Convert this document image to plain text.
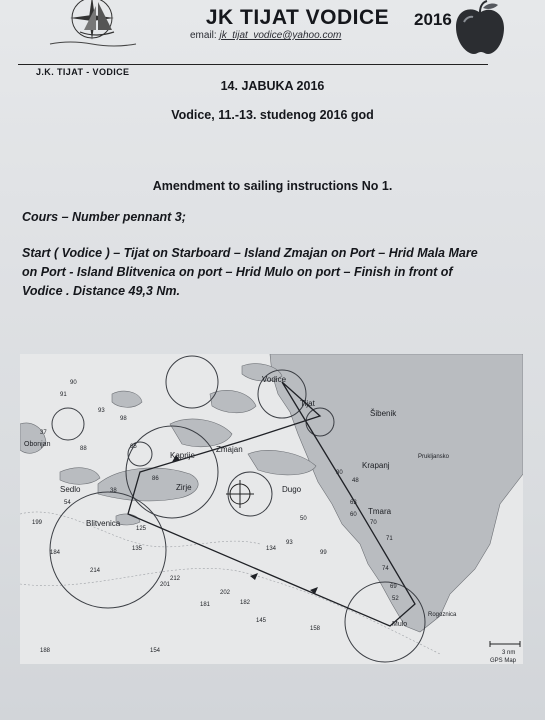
JK TIJAT VODICE	2016
email: jk_tijat_vodice@yahoo.com
J.K. TIJAT - VODICE
14. JABUKA 2016
Vodice, 11.-13. studenog 2016 god
Amendment to sailing instructions No 1.
Cours – Number pennant 3;
Start ( Vodice ) – Tijat on Starboard – Island Zmajan on Port – Hrid Mala Mare
on Port - Island Blitvenica on port – Hrid Mulo on port – Finish in front of
Vodice . Distance 49,3 Nm.
Vodice
Tijat
Zmajan
Kaprije
Zirje
Blitvenica
Sedlo	Dugo
Krapanj
Šibenik
Tmara
Rogoznica
Prukljansko
Obonjan
Mulo
3 nm
GPS Map
90
91
93
98
37
88	65
54
86
38
125
135
184
214
212
201
202
181	182
145
158
154
188
199
134
93
50
99
63
70
71
74
69
52
30
48
60
